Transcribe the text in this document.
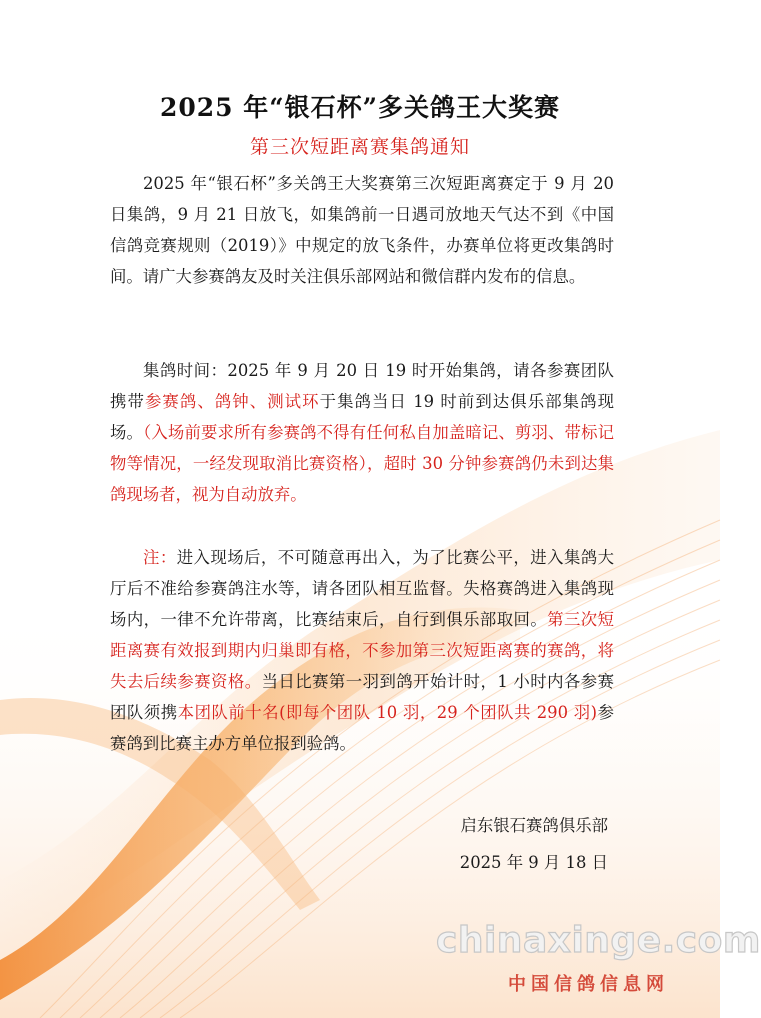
2025 年“银石杯”多关鸽王大奖赛
第三次短距离赛集鸽通知

2025 年“银石杯”多关鸽王大奖赛第三次短距离赛定于 9 月 20 日集鸽，9 月 21 日放飞，如集鸽前一日遇司放地天气达不到《中国信鸽竞赛规则（2019）》中规定的放飞条件，办赛单位将更改集鸽时间。请广大参赛鸽友及时关注俱乐部网站和微信群内发布的信息。

集鸽时间：2025 年 9 月 20 日 19 时开始集鸽，请各参赛团队携带参赛鸽、鸽钟、测试环于集鸽当日 19 时前到达俱乐部集鸽现场。（入场前要求所有参赛鸽不得有任何私自加盖暗记、剪羽、带标记物等情况，一经发现取消比赛资格），超时 30 分钟参赛鸽仍未到达集鸽现场者，视为自动放弃。

注：进入现场后，不可随意再出入，为了比赛公平，进入集鸽大厅后不准给参赛鸽注水等，请各团队相互监督。失格赛鸽进入集鸽现场内，一律不允许带离，比赛结束后，自行到俱乐部取回。第三次短距离赛有效报到期内归巢即有格，不参加第三次短距离赛的赛鸽，将失去后续参赛资格。当日比赛第一羽到鸽开始计时，1 小时内各参赛团队须携本团队前十名(即每个团队 10 羽，29 个团队共 290 羽)参赛鸽到比赛主办方单位报到验鸽。

启东银石赛鸽俱乐部
2025 年 9 月 18 日
chinaxinge.com
中国信鸽信息网
